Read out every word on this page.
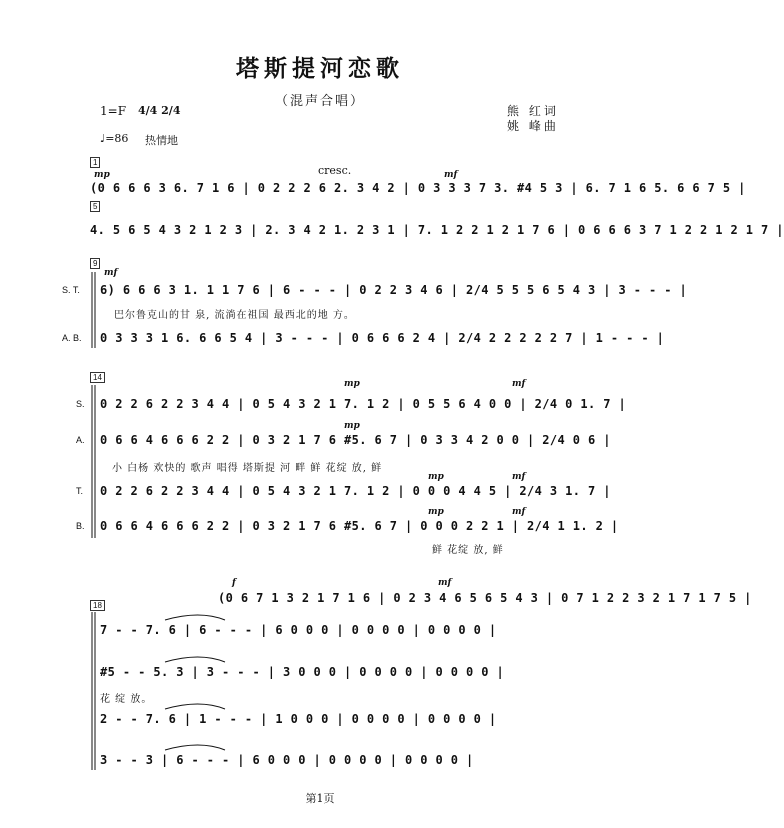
塔斯提河恋歌
（混声合唱）
1=F 4/4 2/4
♩=86 热情地
熊 红词
姚 峰曲
1
mp	cresc.	mf
(0 6 6 6 3 6. 7 1 6 | 0 2 2 2 6 2. 3 4 2 | 0 3 3 3 7 3. #4 5 3 | 6. 7 1 6 5. 6 6 7 5 |
5
4. 5 6 5 4 3 2 1 2 3 | 2. 3 4 2 1. 2 3 1 | 7. 1 2 2 1 2 1 7 6 | 0 6 6 6 3 7 1 2 2 1 2 1 7 |
9
mf
S. T. 6) 6 6 6 3 1. 1 1 7 6 | 6 - - - | 0 2 2 3 4 6 | 2/4 5 5 5 6 5 4 3 | 3 - - - |
巴尔鲁克山的甘 泉, 流淌在祖国 最西北的地 方。
A. B. 0 3 3 3 1 6. 6 6 5 4 | 3 - - - | 0 6 6 6 2 4 | 2/4 2 2 2 2 2 7 | 1 - - - |
14
mp	mf
S. 0 2 2 6 2 2 3 4 4 | 0 5 4 3 2 1 7. 1 2 | 0 5 5 6 4 0 0 | 2/4 0 1. 7 |
mp
A. 0 6 6 4 6 6 6 2 2 | 0 3 2 1 7 6 #5. 6 7 | 0 3 3 4 2 0 0 | 2/4 0 6 |
小 白杨 欢快的 歌声 唱得 塔斯提 河 畔 鲜 花绽 放, 鲜
mp	mf
T. 0 2 2 6 2 2 3 4 4 | 0 5 4 3 2 1 7. 1 2 | 0 0 0 4 4 5 | 2/4 3 1. 7 |
mp	mf
B. 0 6 6 4 6 6 6 2 2 | 0 3 2 1 7 6 #5. 6 7 | 0 0 0 2 2 1 | 2/4 1 1. 2 |
鲜 花绽 放, 鲜
f	mf
(0 6 7 1 3 2 1 7 1 6 | 0 2 3 4 6 5 6 5 4 3 | 0 7 1 2 2 3 2 1 7 1 7 5 |
18
7 - - 7. 6 | 6 - - - | 6 0 0 0 | 0 0 0 0 | 0 0 0 0 |
#5 - - 5. 3 | 3 - - - | 3 0 0 0 | 0 0 0 0 | 0 0 0 0 |
花 绽 放。
2 - - 7. 6 | 1 - - - | 1 0 0 0 | 0 0 0 0 | 0 0 0 0 |
3 - - 3 | 6 - - - | 6 0 0 0 | 0 0 0 0 | 0 0 0 0 |
第1页
